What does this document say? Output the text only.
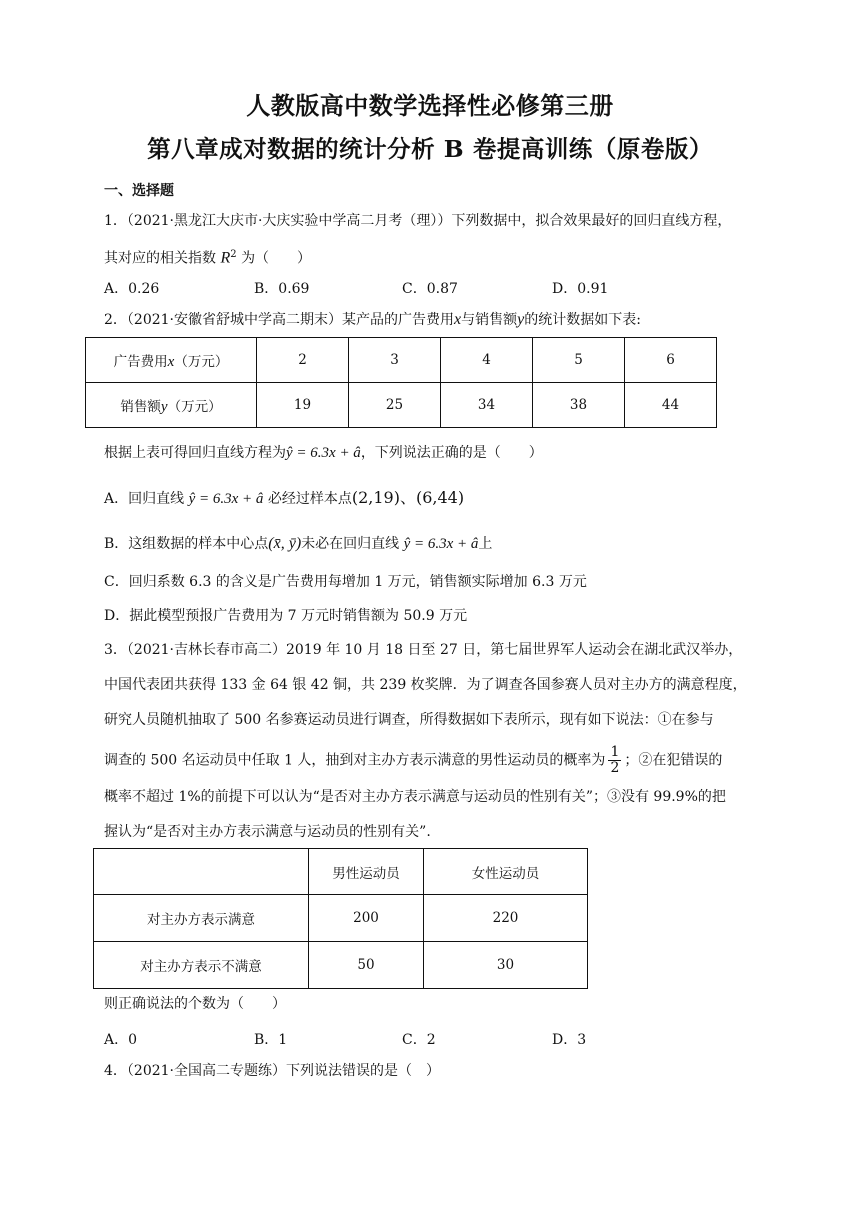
人教版高中数学选择性必修第三册
第八章成对数据的统计分析 B 卷提高训练（原卷版）
一、选择题
1．（2021·黑龙江大庆市·大庆实验中学高二月考（理））下列数据中，拟合效果最好的回归直线方程，
其对应的相关指数 $R^2$ 为（　　）
A．0.26	B．0.69	C．0.87	D．0.91
2．（2021·安徽省舒城中学高二期末）某产品的广告费用x与销售额y的统计数据如下表:
广告费用x（万元）	2	3	4	5	6
销售额y（万元）	19	25	34	38	44
根据上表可得回归直线方程为ŷ = 6.3x + â，下列说法正确的是（　　）
A．回归直线 ŷ = 6.3x + â 必经过样本点(2,19)、(6,44)
B．这组数据的样本中心点(x̄, ȳ)未必在回归直线 ŷ = 6.3x + â上
C．回归系数 6.3 的含义是广告费用每增加 1 万元，销售额实际增加 6.3 万元
D．据此模型预报广告费用为 7 万元时销售额为 50.9 万元
3．（2021·吉林长春市高二）2019 年 10 月 18 日至 27 日，第七届世界军人运动会在湖北武汉举办，
中国代表团共获得 133 金 64 银 42 铜，共 239 枚奖牌．为了调查各国参赛人员对主办方的满意程度，
研究人员随机抽取了 500 名参赛运动员进行调查，所得数据如下表所示，现有如下说法：①在参与
调查的 500 名运动员中任取 1 人，抽到对主办方表示满意的男性运动员的概率为 $\frac{1}{2}$ ；②在犯错误的
概率不超过 1%的前提下可以认为“是否对主办方表示满意与运动员的性别有关”；③没有 99.9%的把
握认为“是否对主办方表示满意与运动员的性别有关”.
	男性运动员	女性运动员
对主办方表示满意	200	220
对主办方表示不满意	50	30
则正确说法的个数为（　　）
A．0	B．1	C．2	D．3
4．（2021·全国高二专题练）下列说法错误的是（　）
